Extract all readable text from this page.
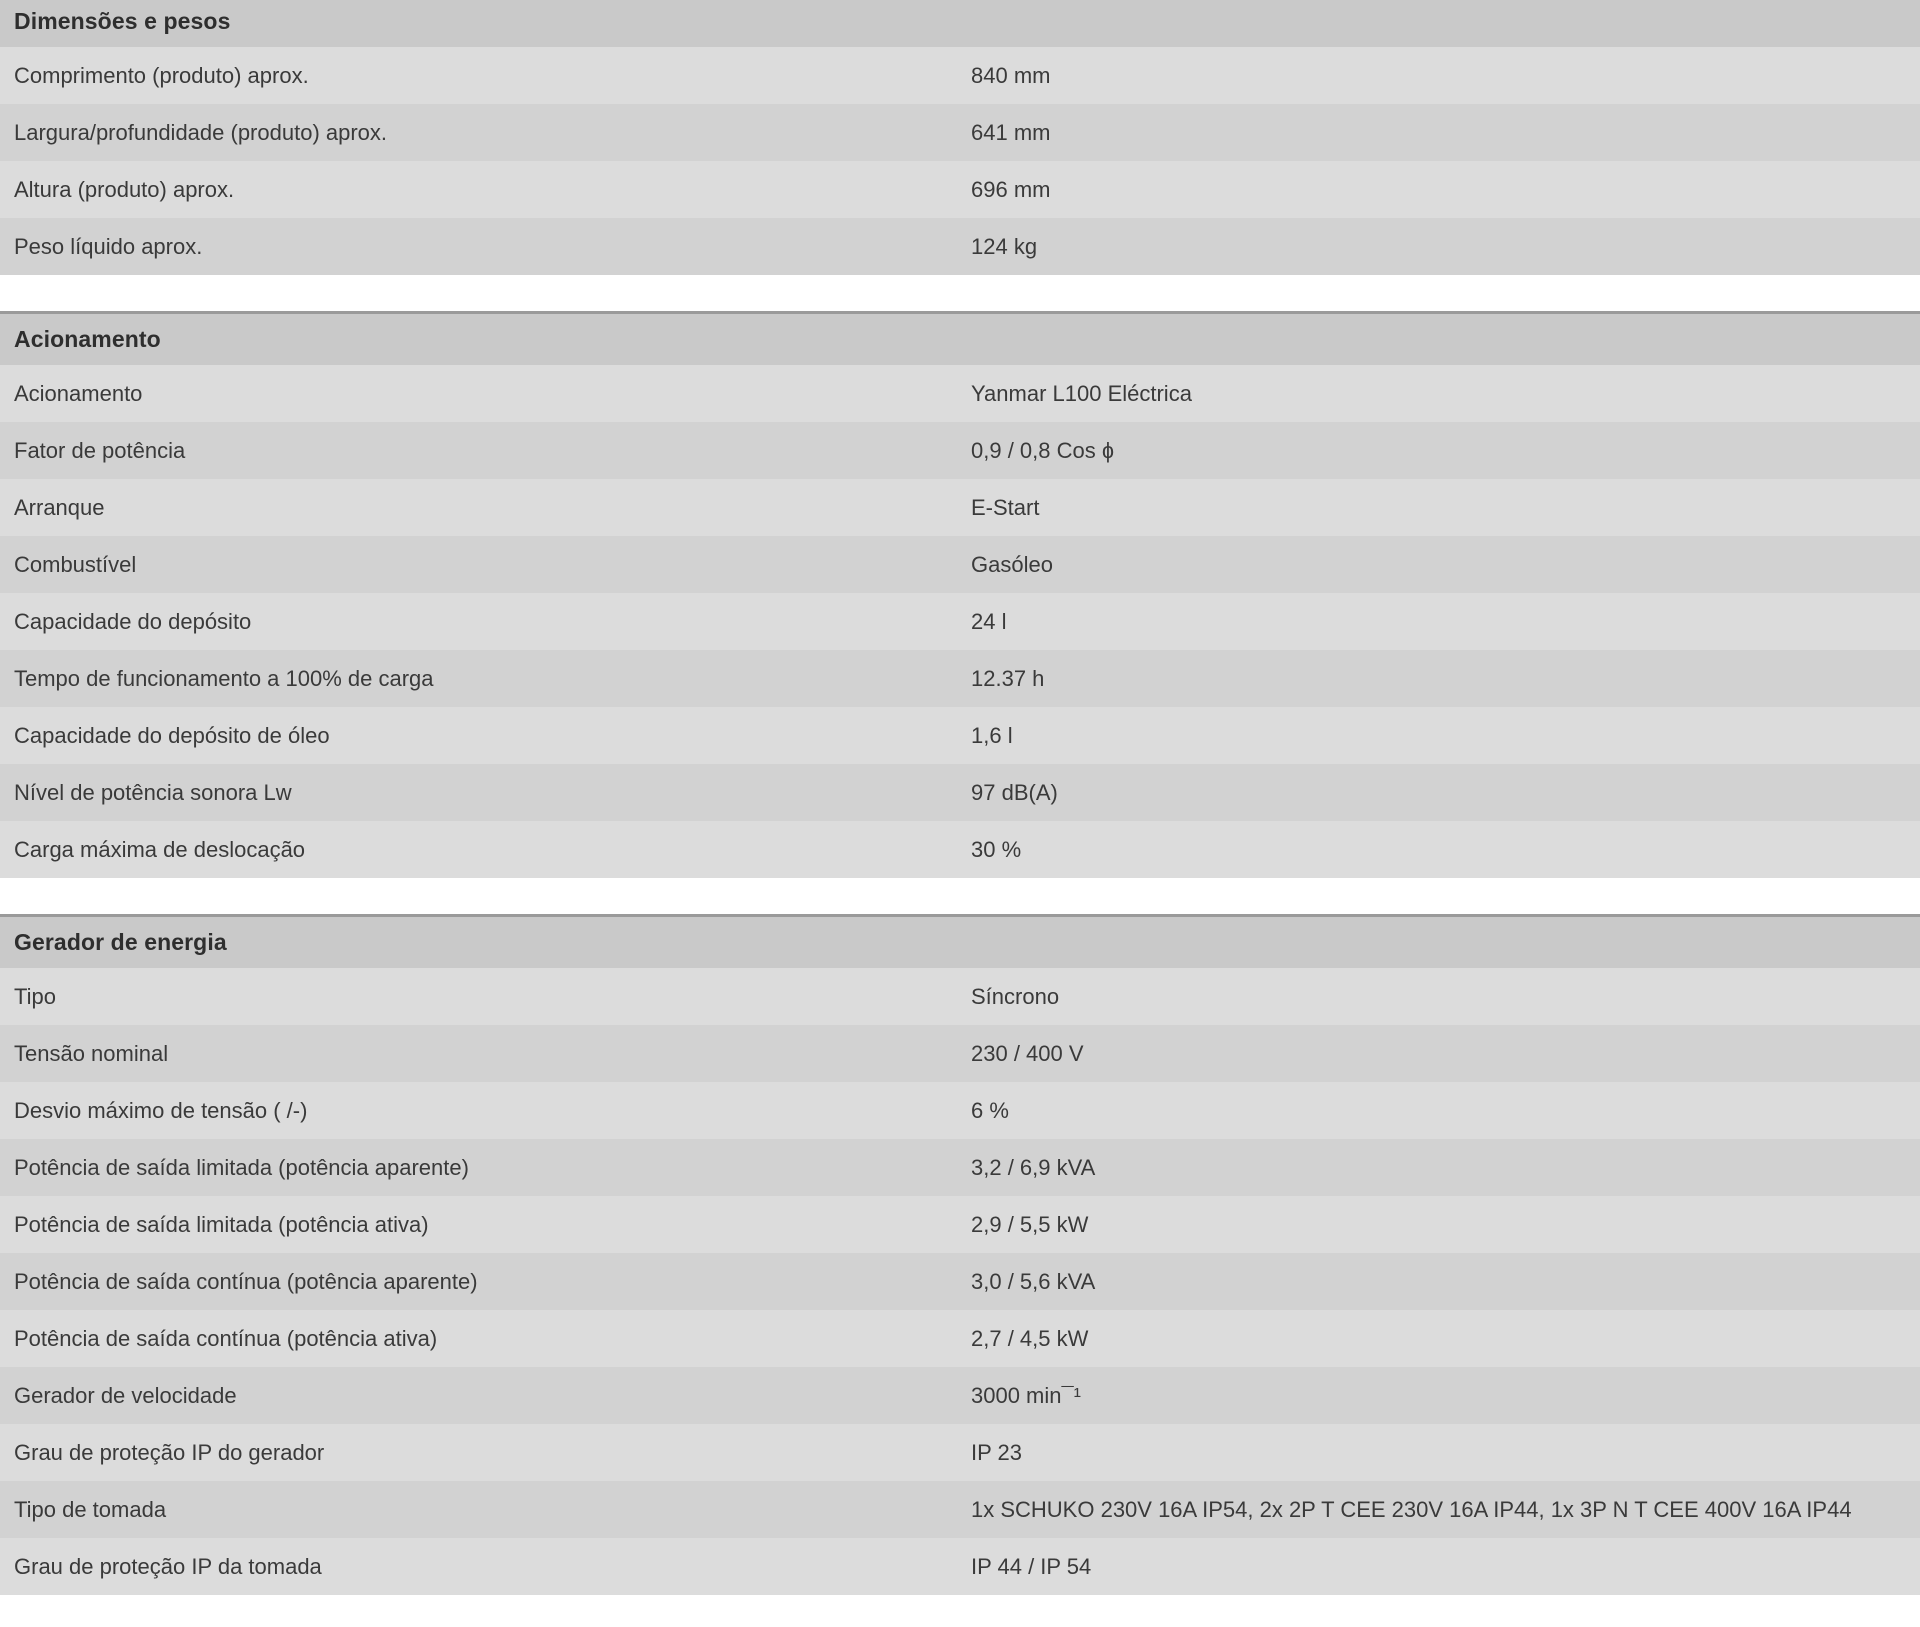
Dimensões e pesos
Comprimento (produto) aprox.	840 mm
Largura/profundidade (produto) aprox.	641 mm
Altura (produto) aprox.	696 mm
Peso líquido aprox.	124 kg
Acionamento
Acionamento	Yanmar L100 Eléctrica
Fator de potência	0,9 / 0,8 Cos ɸ
Arranque	E-Start
Combustível	Gasóleo
Capacidade do depósito	24 l
Tempo de funcionamento a 100% de carga	12.37 h
Capacidade do depósito de óleo	1,6 l
Nível de potência sonora Lw	97 dB(A)
Carga máxima de deslocação	30 %
Gerador de energia
Tipo	Síncrono
Tensão nominal	230 / 400 V
Desvio máximo de tensão ( /-)	6 %
Potência de saída limitada (potência aparente)	3,2 / 6,9 kVA
Potência de saída limitada (potência ativa)	2,9 / 5,5 kW
Potência de saída contínua (potência aparente)	3,0 / 5,6 kVA
Potência de saída contínua (potência ativa)	2,7 / 4,5 kW
Gerador de velocidade	3000 min¯¹
Grau de proteção IP do gerador	IP 23
Tipo de tomada	1x SCHUKO 230V 16A IP54, 2x 2P T CEE 230V 16A IP44, 1x 3P N T CEE 400V 16A IP44
Grau de proteção IP da tomada	IP 44 / IP 54
